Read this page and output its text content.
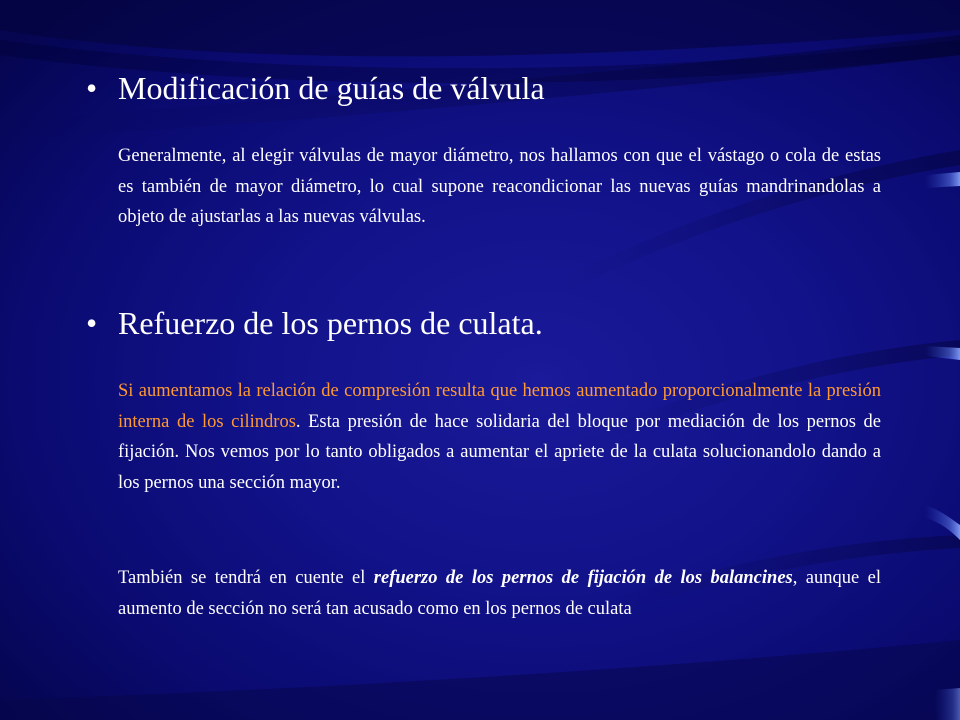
• Modificación de guías de válvula
Generalmente, al elegir válvulas de mayor diámetro, nos hallamos con que el vástago o cola de estas es también de mayor diámetro, lo cual supone reacondicionar las nuevas guías mandrinandolas a objeto de ajustarlas a las nuevas válvulas.
• Refuerzo de los pernos de culata.
Si aumentamos la relación de compresión resulta que hemos aumentado proporcionalmente la presión interna de los cilindros. Esta presión de hace solidaria del bloque por mediación de los pernos de fijación. Nos vemos por lo tanto obligados a aumentar el apriete de la culata solucionandolo dando a los pernos una sección mayor.
También se tendrá en cuente el refuerzo de los pernos de fijación de los balancines, aunque el aumento de sección no será tan acusado como en los pernos de culata
